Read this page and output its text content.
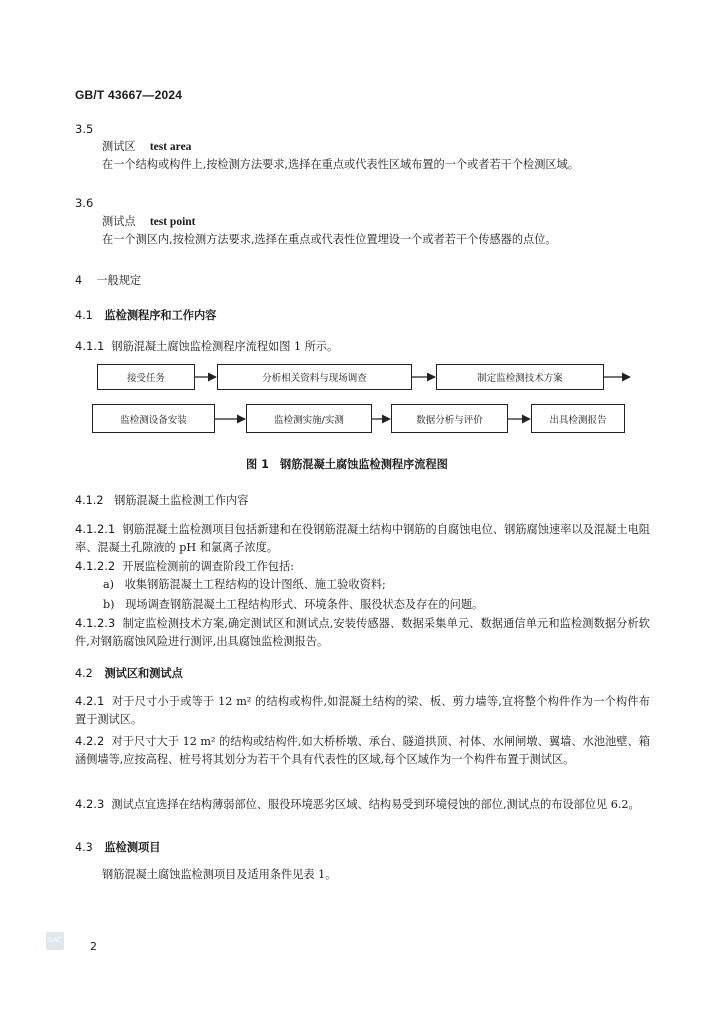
GB/T 43667—2024
3.5
测试区 test area
在一个结构或构件上,按检测方法要求,选择在重点或代表性区域布置的一个或者若干个检测区域。
3.6
测试点 test point
在一个测区内,按检测方法要求,选择在重点或代表性位置埋设一个或者若干个传感器的点位。
4 一般规定
4.1 监检测程序和工作内容
4.1.1 钢筋混凝土腐蚀监检测程序流程如图 1 所示。
接受任务	分析相关资料与现场调查	制定监检测技术方案
监检测设备安装	监检测实施/实测	数据分析与评价	出具检测报告
图 1　钢筋混凝土腐蚀监检测程序流程图
4.1.2 钢筋混凝土监检测工作内容
4.1.2.1 钢筋混凝土监检测项目包括新建和在役钢筋混凝土结构中钢筋的自腐蚀电位、钢筋腐蚀速率以及混凝土电阻率、混凝土孔隙液的 pH 和氯离子浓度。
4.1.2.2 开展监检测前的调查阶段工作包括:
a) 收集钢筋混凝土工程结构的设计图纸、施工验收资料;
b) 现场调查钢筋混凝土工程结构形式、环境条件、服役状态及存在的问题。
4.1.2.3 制定监检测技术方案,确定测试区和测试点,安装传感器、数据采集单元、数据通信单元和监检测数据分析软件,对钢筋腐蚀风险进行测评,出具腐蚀监检测报告。
4.2 测试区和测试点
4.2.1 对于尺寸小于或等于 12 m² 的结构或构件,如混凝土结构的梁、板、剪力墙等,宜将整个构件作为一个构件布置于测试区。
4.2.2 对于尺寸大于 12 m² 的结构或结构件,如大桥桥墩、承台、隧道拱顶、衬体、水闸闸墩、翼墙、水池池壁、箱涵侧墙等,应按高程、桩号将其划分为若干个具有代表性的区域,每个区域作为一个构件布置于测试区。
4.2.3 测试点宜选择在结构薄弱部位、服役环境恶劣区域、结构易受到环境侵蚀的部位,测试点的布设部位见 6.2。
4.3 监检测项目
钢筋混凝土腐蚀监检测项目及适用条件见表 1。
SAC	2
